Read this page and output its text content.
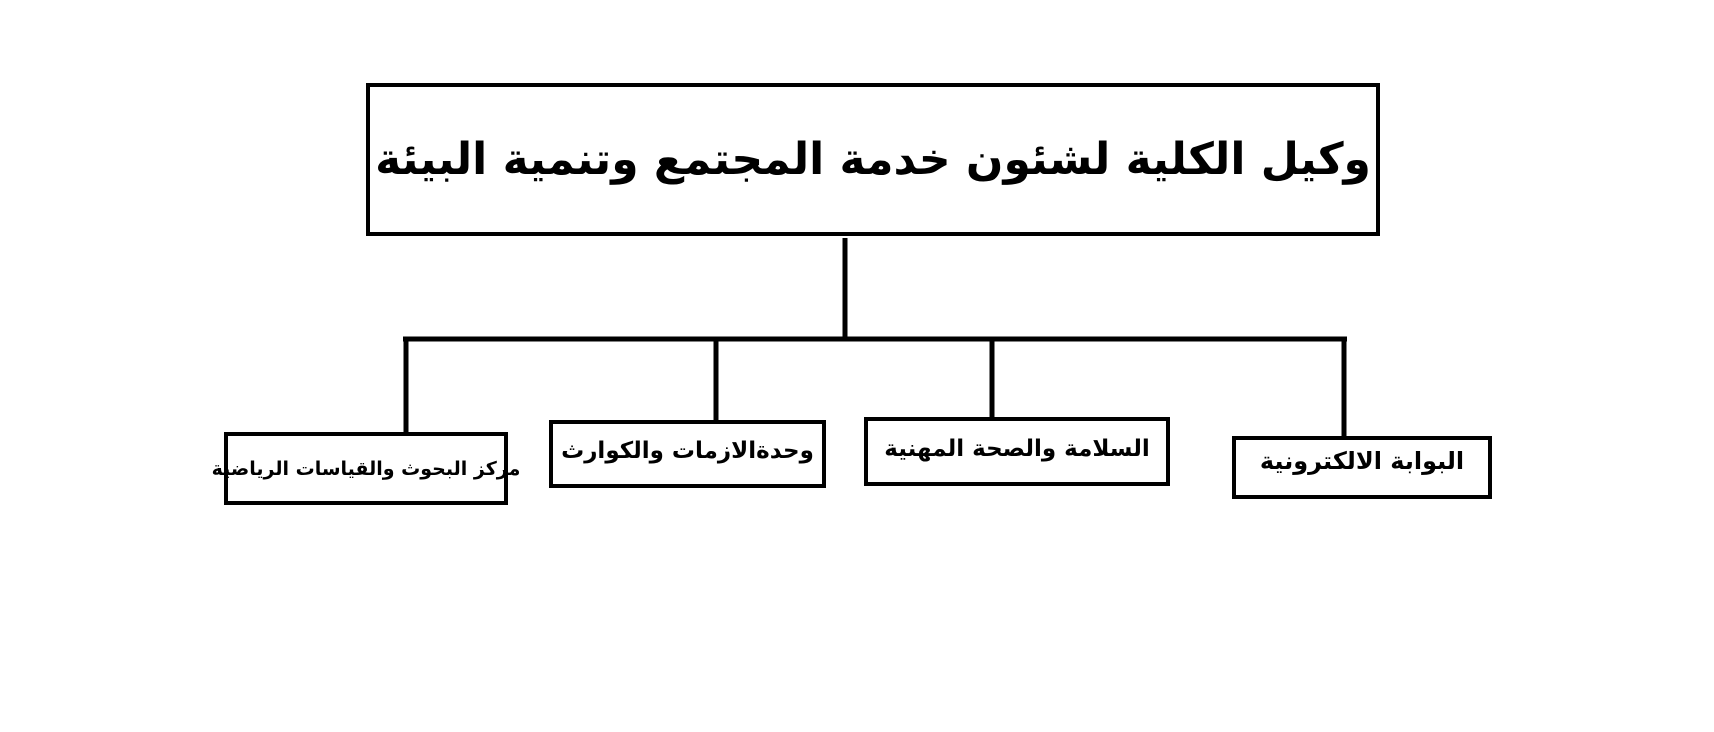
وكيل الكلية لشئون خدمة المجتمع وتنمية البيئة
البوابة الالكترونية
السلامة والصحة المهنية
وحدةالازمات والكوارث
مركز البحوث والقياسات الرياضية
